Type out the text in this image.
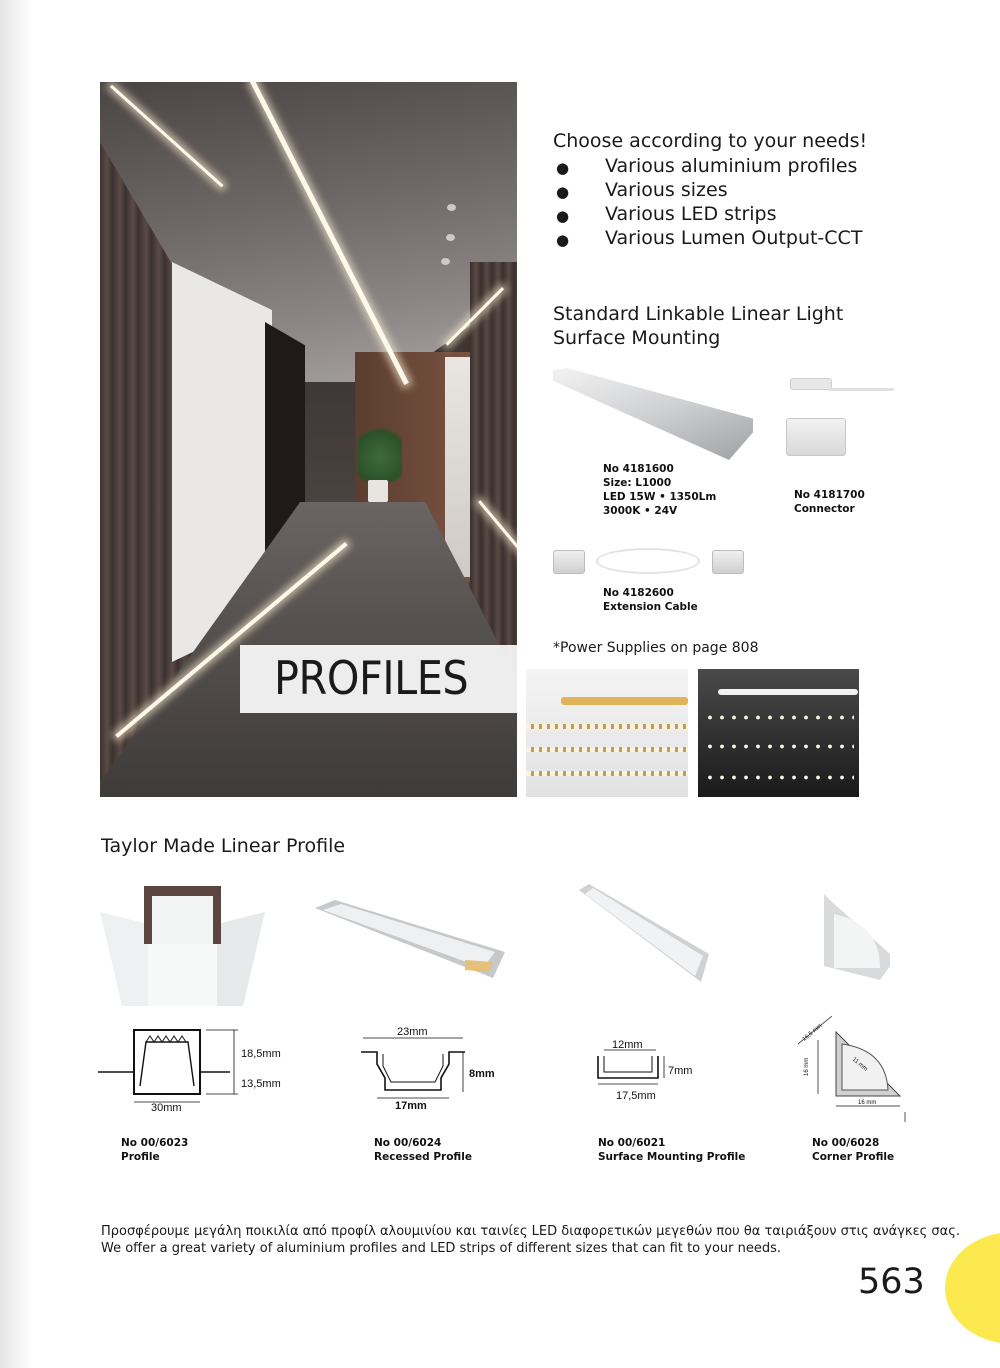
PROFILES
Choose according to your needs!
● Various aluminium profiles
● Various sizes
● Various LED strips
● Various Lumen Output-CCT
Standard Linkable Linear Light
Surface Mounting
No 4181600
Size: L1000
LED 15W • 1350Lm
3000K • 24V
No 4181700
Connector
No 4182600
Extension Cable
*Power Supplies on page 808
Taylor Made Linear Profile
18,5mm
13,5mm
30mm
23mm
8mm
17mm
12mm
7mm
17,5mm
16,5 mm
16 mm	11 mm
16 mm
No 00/6023
Profile
No 00/6024
Recessed Profile
No 00/6021
Surface Mounting Profile
No 00/6028
Corner Profile
Προσφέρουμε μεγάλη ποικιλία από προφίλ αλουμινίου και ταινίες LED διαφορετικών μεγεθών που θα ταιριάξουν στις ανάγκες σας.
We offer a great variety of aluminium profiles and LED strips of different sizes that can fit to your needs.
563
